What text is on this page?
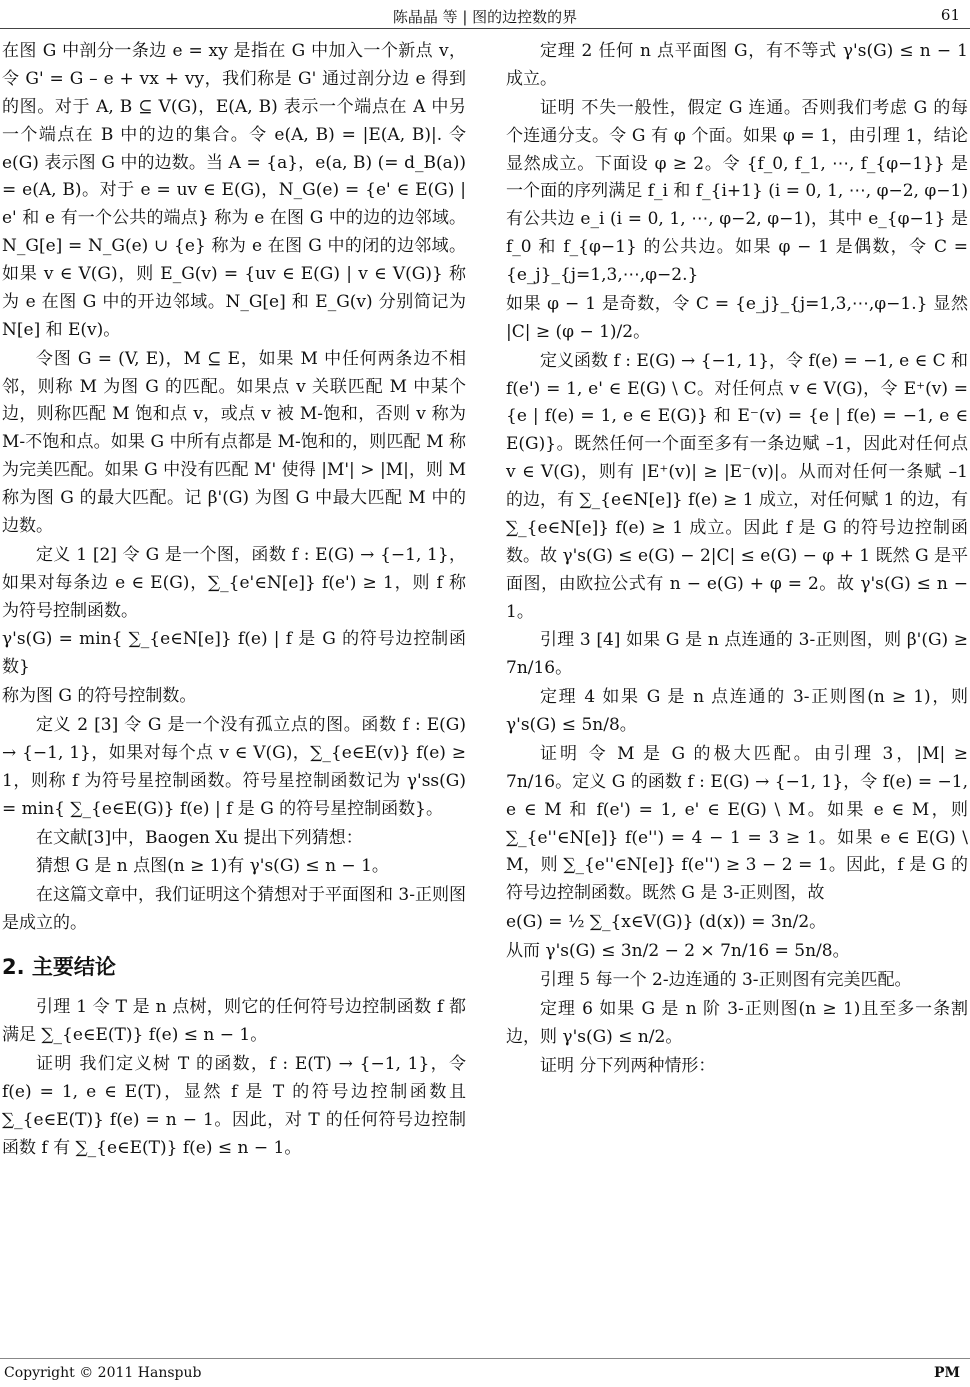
陈晶晶 等 | 图的边控数的界	61

在图 G 中剖分一条边 e = xy 是指在 G 中加入一个新点 v，令 G' = G – e + vx + vy，我们称是 G' 通过剖分边 e 得到的图。对于 A, B ⊆ V(G)，E(A, B) 表示一个端点在 A 中另一个端点在 B 中的边的集合。令 e(A, B) = |E(A, B)|. 令 e(G) 表示图 G 中的边数。当 A = {a}，e(a, B) (= d_B(a)) = e(A, B)。对于 e = uv ∈ E(G)，N_G(e) = {e' ∈ E(G) | e' 和 e 有一个公共的端点} 称为 e 在图 G 中的边的边邻域。N_G[e] = N_G(e) ∪ {e} 称为 e 在图 G 中的闭的边邻域。如果 v ∈ V(G)，则 E_G(v) = {uv ∈ E(G) | v ∈ V(G)} 称为 e 在图 G 中的开边邻域。N_G[e] 和 E_G(v) 分别简记为 N[e] 和 E(v)。

令图 G = (V, E)，M ⊆ E，如果 M 中任何两条边不相邻，则称 M 为图 G 的匹配。如果点 v 关联匹配 M 中某个边，则称匹配 M 饱和点 v，或点 v 被 M-饱和，否则 v 称为 M-不饱和点。如果 G 中所有点都是 M-饱和的，则匹配 M 称为完美匹配。如果 G 中没有匹配 M' 使得 |M'| > |M|，则 M 称为图 G 的最大匹配。记 β'(G) 为图 G 中最大匹配 M 中的边数。

定义 1 [2] 令 G 是一个图，函数 f : E(G) → {−1, 1}，如果对每条边 e ∈ E(G)，∑_{e'∈N[e]} f(e') ≥ 1，则 f 称为符号控制函数。

γ's(G) = min{ ∑_{e∈N[e]} f(e) | f 是 G 的符号边控制函数}

称为图 G 的符号控制数。

定义 2 [3] 令 G 是一个没有孤立点的图。函数 f : E(G) → {−1, 1}，如果对每个点 v ∈ V(G)，∑_{e∈E(v)} f(e) ≥ 1，则称 f 为符号星控制函数。符号星控制函数记为 γ'ss(G) = min{ ∑_{e∈E(G)} f(e) | f 是 G 的符号星控制函数}。

在文献[3]中，Baogen Xu 提出下列猜想：

猜想 G 是 n 点图(n ≥ 1)有 γ's(G) ≤ n − 1。

在这篇文章中，我们证明这个猜想对于平面图和 3-正则图是成立的。

2. 主要结论

引理 1 令 T 是 n 点树，则它的任何符号边控制函数 f 都满足 ∑_{e∈E(T)} f(e) ≤ n − 1。

证明 我们定义树 T 的函数，f : E(T) → {−1, 1}，令 f(e) = 1, e ∈ E(T)，显然 f 是 T 的符号边控制函数且 ∑_{e∈E(T)} f(e) = n − 1。因此，对 T 的任何符号边控制函数 f 有 ∑_{e∈E(T)} f(e) ≤ n − 1。

定理 2 任何 n 点平面图 G，有不等式 γ's(G) ≤ n − 1 成立。

证明 不失一般性，假定 G 连通。否则我们考虑 G 的每个连通分支。令 G 有 φ 个面。如果 φ = 1，由引理 1，结论显然成立。下面设 φ ≥ 2。令 {f_0, f_1, ⋯, f_{φ−1}} 是一个面的序列满足 f_i 和 f_{i+1} (i = 0, 1, ⋯, φ−2, φ−1) 有公共边 e_i (i = 0, 1, ⋯, φ−2, φ−1)，其中 e_{φ−1} 是 f_0 和 f_{φ−1} 的公共边。如果 φ − 1 是偶数，令 C = {e_j}_{j=1,3,⋯,φ−2.}

如果 φ − 1 是奇数，令 C = {e_j}_{j=1,3,⋯,φ−1.} 显然 |C| ≥ (φ − 1)/2。

定义函数 f : E(G) → {−1, 1}，令 f(e) = −1, e ∈ C 和 f(e') = 1, e' ∈ E(G) \ C。对任何点 v ∈ V(G)，令 E⁺(v) = {e | f(e) = 1, e ∈ E(G)} 和 E⁻(v) = {e | f(e) = −1, e ∈ E(G)}。既然任何一个面至多有一条边赋 –1，因此对任何点 v ∈ V(G)，则有 |E⁺(v)| ≥ |E⁻(v)|。从而对任何一条赋 –1 的边，有 ∑_{e∈N[e]} f(e) ≥ 1 成立，对任何赋 1 的边，有 ∑_{e∈N[e]} f(e) ≥ 1 成立。因此 f 是 G 的符号边控制函数。故 γ's(G) ≤ e(G) − 2|C| ≤ e(G) − φ + 1 既然 G 是平面图，由欧拉公式有 n − e(G) + φ = 2。故 γ's(G) ≤ n − 1。

引理 3 [4] 如果 G 是 n 点连通的 3-正则图，则 β'(G) ≥ 7n/16。

定理 4 如果 G 是 n 点连通的 3-正则图(n ≥ 1)，则 γ's(G) ≤ 5n/8。

证明 令 M 是 G 的极大匹配。由引理 3，|M| ≥ 7n/16。定义 G 的函数 f : E(G) → {−1, 1}，令 f(e) = −1, e ∈ M 和 f(e') = 1, e' ∈ E(G) \ M。如果 e ∈ M，则 ∑_{e''∈N[e]} f(e'') = 4 − 1 = 3 ≥ 1。如果 e ∈ E(G) \ M，则 ∑_{e''∈N[e]} f(e'') ≥ 3 − 2 = 1。因此，f 是 G 的符号边控制函数。既然 G 是 3-正则图，故

e(G) = ½ ∑_{x∈V(G)} (d(x)) = 3n/2。

从而 γ's(G) ≤ 3n/2 − 2 × 7n/16 = 5n/8。

引理 5 每一个 2-边连通的 3-正则图有完美匹配。

定理 6 如果 G 是 n 阶 3-正则图(n ≥ 1)且至多一条割边，则 γ's(G) ≤ n/2。

证明 分下列两种情形：

Copyright © 2011 Hanspub	PM
